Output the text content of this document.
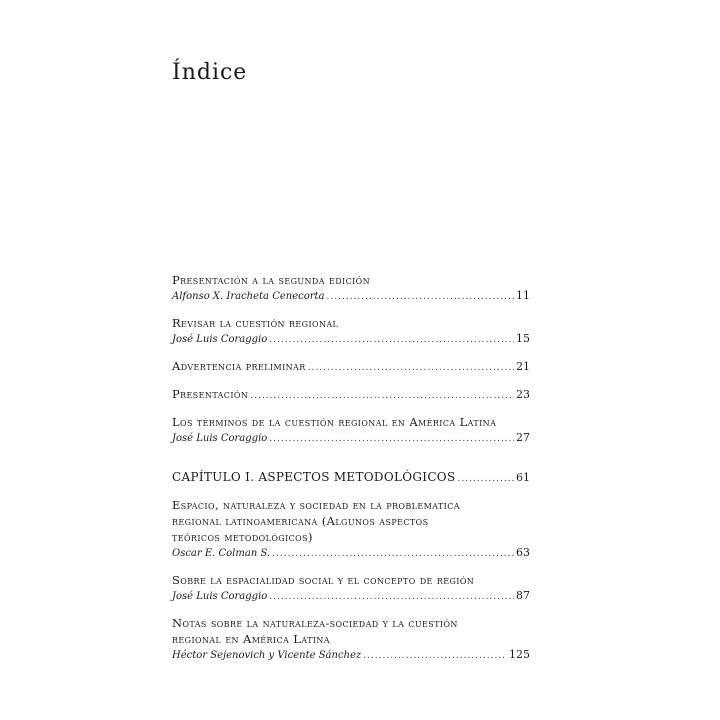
Índice
Presentación a la segunda edición
Alfonso X. Iracheta Cenecorta .....	11
Revisar la cuestión regional
José Luis Coraggio .....	15
Advertencia preliminar .....	21
Presentación .....	23
Los términos de la cuestión regional en América Latina
José Luis Coraggio .....	27
CAPÍTULO I. ASPECTOS METODOLÓGICOS .....	61
Espacio, naturaleza y sociedad en la problematica
regional latinoamericana (Algunos aspectos
teóricos metodológicos)
Oscar E. Colman S. .....	63
Sobre la espacialidad social y el concepto de región
José Luis Coraggio .....	87
Notas sobre la naturaleza-sociedad y la cuestión
regional en América Latina
Héctor Sejenovich y Vicente Sánchez .....	125
